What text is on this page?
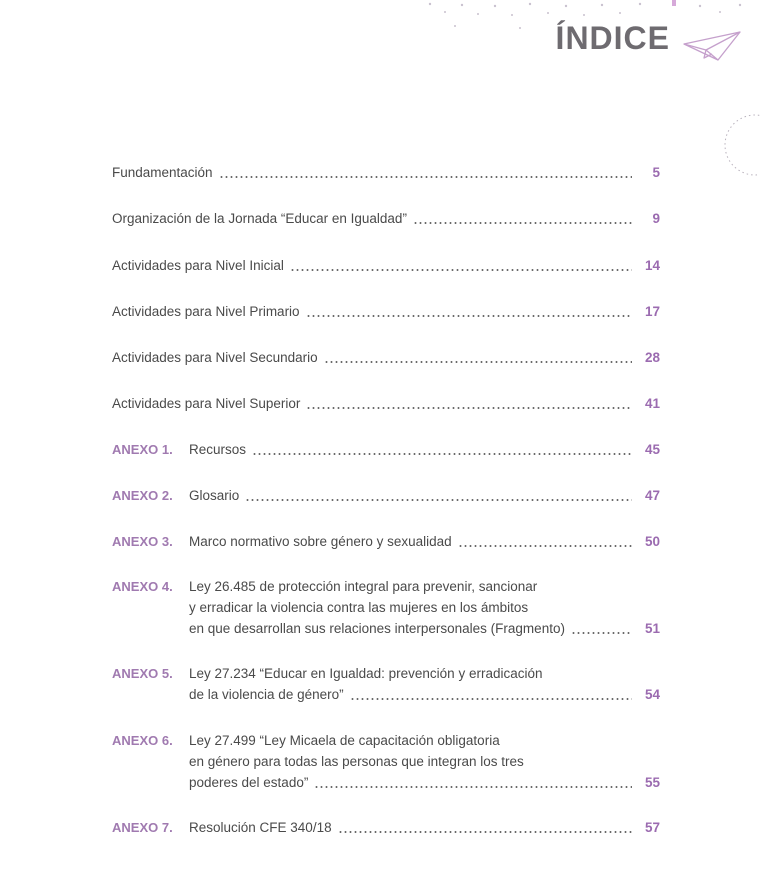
ÍNDICE
Fundamentación	5
Organización de la Jornada “Educar en Igualdad”	9
Actividades para Nivel Inicial	14
Actividades para Nivel Primario	17
Actividades para Nivel Secundario	28
Actividades para Nivel Superior	41
ANEXO 1.	Recursos	45
ANEXO 2.	Glosario	47
ANEXO 3.	Marco normativo sobre género y sexualidad	50
ANEXO 4.	Ley 26.485 de protección integral para prevenir, sancionar
y erradicar la violencia contra las mujeres en los ámbitos
en que desarrollan sus relaciones interpersonales (Fragmento)	51
ANEXO 5.	Ley 27.234 “Educar en Igualdad: prevención y erradicación
de la violencia de género”	54
ANEXO 6.	Ley 27.499 “Ley Micaela de capacitación obligatoria
en género para todas las personas que integran los tres
poderes del estado”	55
ANEXO 7.	Resolución CFE 340/18	57
